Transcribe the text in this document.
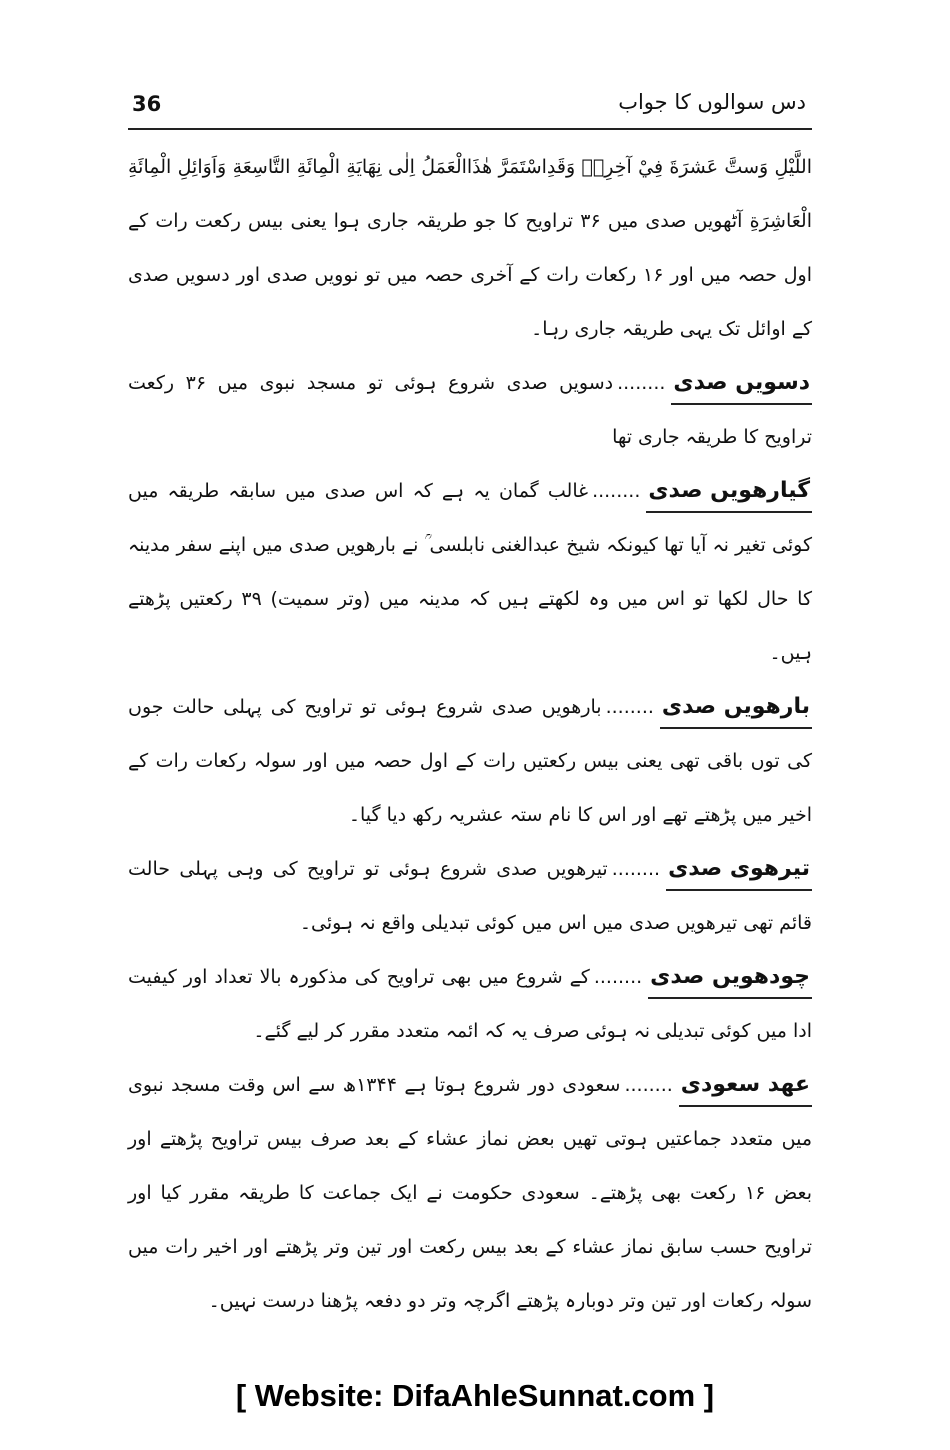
36	دس سوالوں کا جواب

اللَّيْلِ وَستَّ عَشرَةَ فِيْ آخِرِهٖ وَقَدِاسْتَمَرَّ هٰذَاالْعَمَلُ اِلٰى نِهَايَةِ الْمِائَةِ التَّاسِعَةِ وَاَوَائِلِ الْمِائَةِ الْعَاشِرَةِ آٹھویں صدی میں ۳۶ تراویح کا جو طریقہ جاری ہوا یعنی بیس رکعت رات کے اول حصہ میں اور ۱۶ رکعات رات کے آخری حصہ میں تو نوویں صدی اور دسویں صدی کے اوائل تک یہی طریقہ جاری رہا۔

دسویں صدی........دسویں صدی شروع ہوئی تو مسجد نبوی میں ۳۶ رکعت تراویح کا طریقہ جاری تھا

گیارھویں صدی........غالب گمان یہ ہے کہ اس صدی میں سابقہ طریقہ میں کوئی تغیر نہ آیا تھا کیونکہ شیخ عبدالغنی نابلسی ؒ نے بارھویں صدی میں اپنے سفر مدینہ کا حال لکھا تو اس میں وہ لکھتے ہیں کہ مدینہ میں (وتر سمیت) ۳۹ رکعتیں پڑھتے ہیں۔

بارھویں صدی........بارھویں صدی شروع ہوئی تو تراویح کی پہلی حالت جوں کی توں باقی تھی یعنی بیس رکعتیں رات کے اول حصہ میں اور سولہ رکعات رات کے اخیر میں پڑھتے تھے اور اس کا نام ستہ عشریہ رکھ دیا گیا۔

تیرھوی صدی........تیرھویں صدی شروع ہوئی تو تراویح کی وہی پہلی حالت قائم تھی تیرھویں صدی میں اس میں کوئی تبدیلی واقع نہ ہوئی۔

چودھویں صدی........کے شروع میں بھی تراویح کی مذکورہ بالا تعداد اور کیفیت ادا میں کوئی تبدیلی نہ ہوئی صرف یہ کہ ائمہ متعدد مقرر کر لیے گئے۔

عھد سعودی........سعودی دور شروع ہوتا ہے ۱۳۴۴ھ سے اس وقت مسجد نبوی میں متعدد جماعتیں ہوتی تھیں بعض نماز عشاء کے بعد صرف بیس تراویح پڑھتے اور بعض ۱۶ رکعت بھی پڑھتے۔ سعودی حکومت نے ایک جماعت کا طریقہ مقرر کیا اور تراویح حسب سابق نماز عشاء کے بعد بیس رکعت اور تین وتر پڑھتے اور اخیر رات میں سولہ رکعات اور تین وتر دوبارہ پڑھتے اگرچہ وتر دو دفعہ پڑھنا درست نہیں۔

[ Website: DifaAhleSunnat.com ]
